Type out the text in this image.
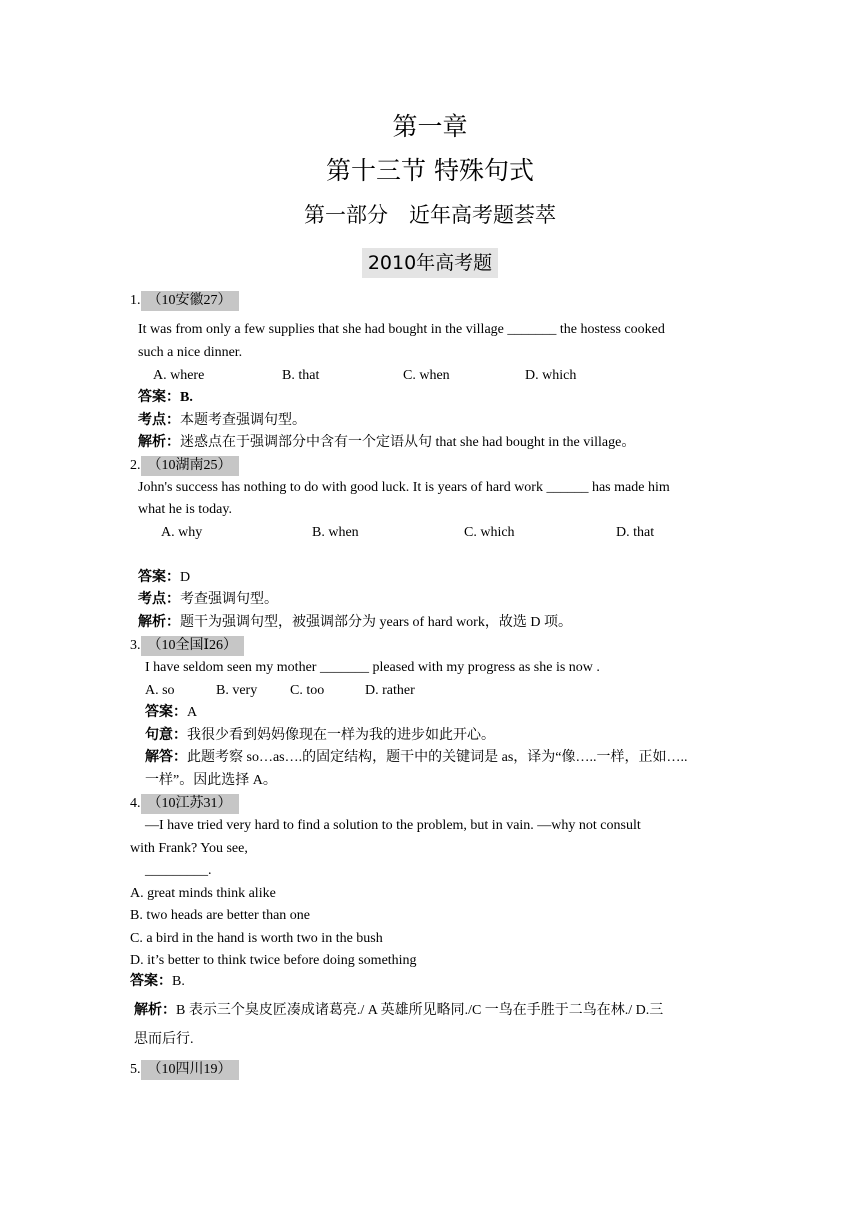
第一章
第十三节 特殊句式
第一部分　近年高考题荟萃
2010年高考题
1. （10安徽27）
It was from only a few supplies that she had bought in the village _______ the hostess cooked
such a nice dinner.
A. where	B. that	C. when	D. which
答案：B.
考点：本题考查强调句型。
解析：迷惑点在于强调部分中含有一个定语从句 that she had bought in the village。
2. （10湖南25）
John's success has nothing to do with good luck. It is years of hard work ______ has made him
what he is today.
A. why	B. when	C. which	D. that
答案：D
考点：考查强调句型。
解析：题干为强调句型，被强调部分为 years of hard work，故选 D 项。
3. （10全国Ⅰ26）
I have seldom seen my mother _______ pleased with my progress as she is now .
A. so	B. very C. too	D. rather
答案：A
句意：我很少看到妈妈像现在一样为我的进步如此开心。
解答：此题考察 so…as….的固定结构，题干中的关键词是 as，译为“像…..一样，正如…..
一样”。因此选择 A。
4. （10江苏31）
—I have tried very hard to find a solution to the problem, but in vain. —why not consult
with Frank? You see,
_________.
A. great minds think alike
B. two heads are better than one
C. a bird in the hand is worth two in the bush
D. it’s better to think twice before doing something
答案：B.
解析：B 表示三个臭皮匠凑成诸葛亮./ A 英雄所见略同./C 一鸟在手胜于二鸟在林./ D.三
思而后行.
5. （10四川19）
